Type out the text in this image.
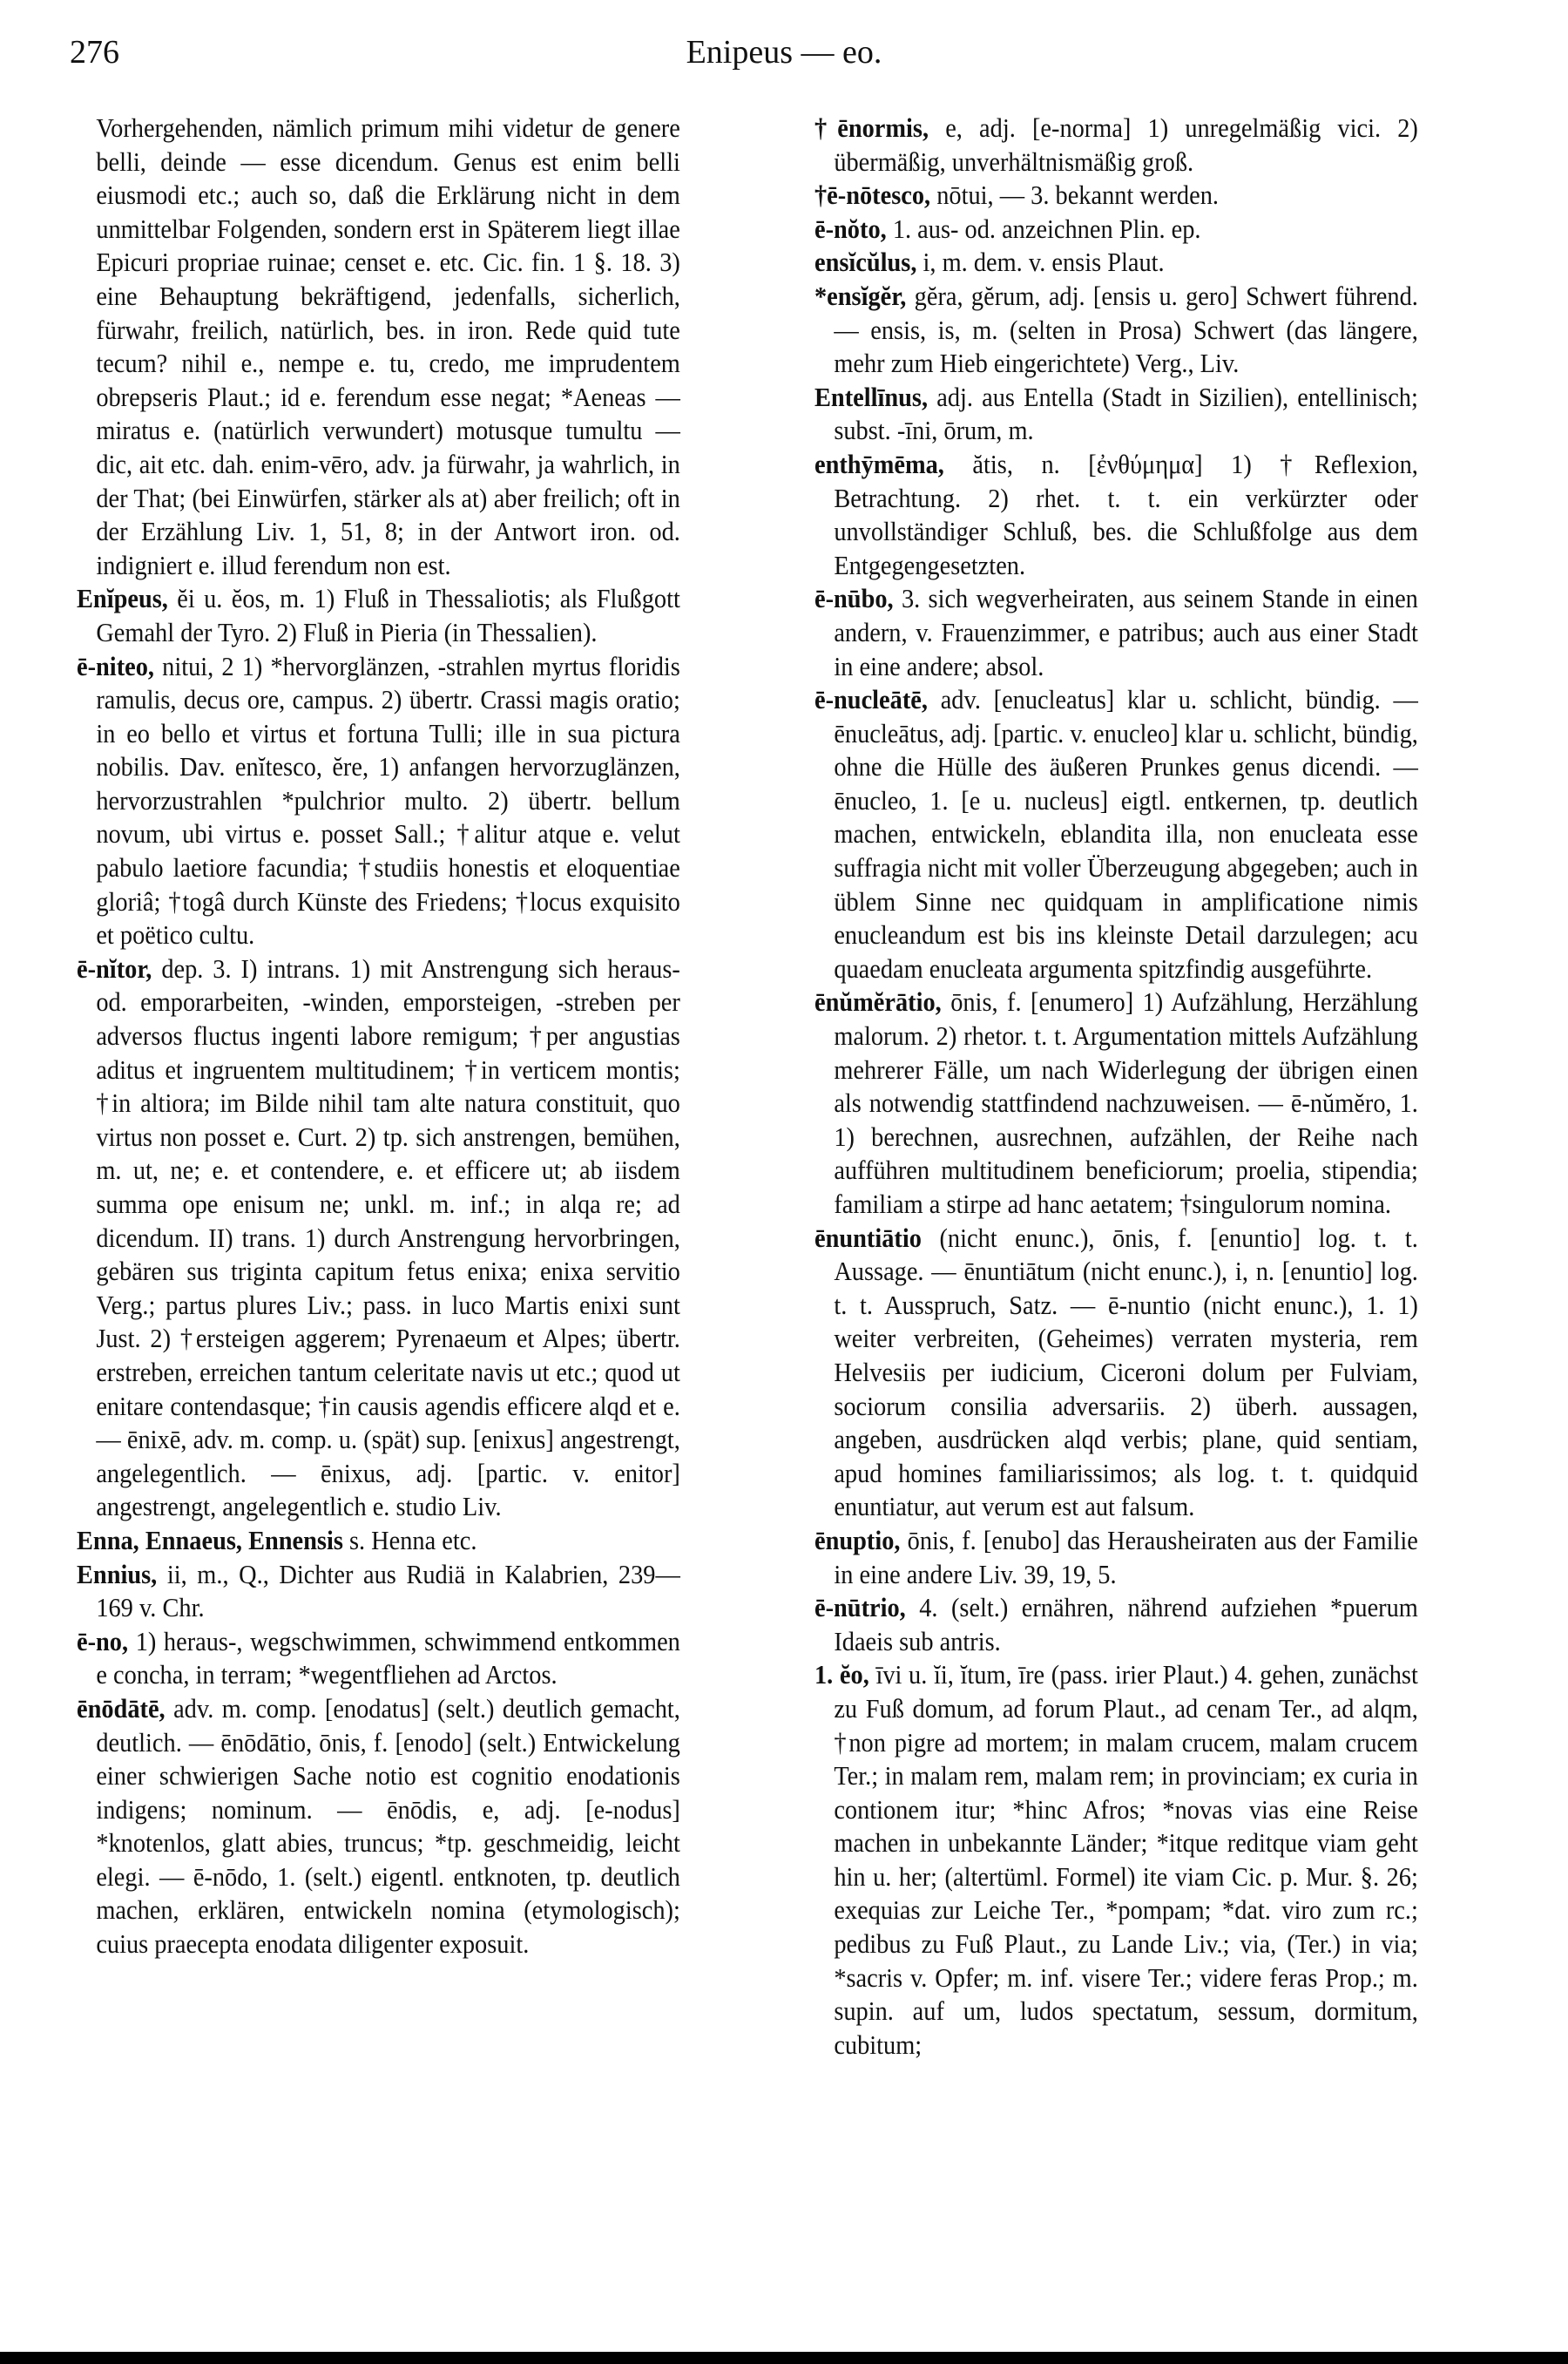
276	Enipeus — eo.

Vorhergehenden, nämlich primum mihi videtur de genere belli, deinde — esse dicendum. Genus est enim belli eiusmodi etc.; auch so, daß die Erklärung nicht in dem unmittelbar Folgenden, sondern erst in Späterem liegt illae Epicuri propriae ruinae; censet e. etc. Cic. fin. 1 §. 18. 3) eine Behauptung bekräftigend, jedenfalls, sicherlich, fürwahr, freilich, natürlich, bes. in iron. Rede quid tute tecum? nihil e., nempe e. tu, credo, me imprudentem obrepseris Plaut.; id e. ferendum esse negat; *Aeneas — miratus e. (natürlich verwundert) motusque tumultu — dic, ait etc. dah. enim-vēro, adv. ja fürwahr, ja wahrlich, in der That; (bei Einwürfen, stärker als at) aber freilich; oft in der Erzählung Liv. 1, 51, 8; in der Antwort iron. od. indigniert e. illud ferendum non est.

Enĭpeus, ĕi u. ĕos, m. 1) Fluß in Thessaliotis; als Flußgott Gemahl der Tyro. 2) Fluß in Pieria (in Thessalien).

ē-niteo, nitui, 2 1) *hervorglänzen, -strahlen myrtus floridis ramulis, decus ore, campus. 2) übertr. Crassi magis oratio; in eo bello et virtus et fortuna Tulli; ille in sua pictura nobilis. Dav. enĭtesco, ĕre, 1) anfangen hervorzuglänzen, hervorzustrahlen *pulchrior multo. 2) übertr. bellum novum, ubi virtus e. posset Sall.; †alitur atque e. velut pabulo laetiore facundia; †studiis honestis et eloquentiae gloriâ; †togâ durch Künste des Friedens; †locus exquisito et poëtico cultu.

ē-nĭtor, dep. 3. I) intrans. 1) mit Anstrengung sich heraus- od. emporarbeiten, -winden, emporsteigen, -streben per adversos fluctus ingenti labore remigum; †per angustias aditus et ingruentem multitudinem; †in verticem montis; †in altiora; im Bilde nihil tam alte natura constituit, quo virtus non posset e. Curt. 2) tp. sich anstrengen, bemühen, m. ut, ne; e. et contendere, e. et efficere ut; ab iisdem summa ope enisum ne; unkl. m. inf.; in alqa re; ad dicendum. II) trans. 1) durch Anstrengung hervorbringen, gebären sus triginta capitum fetus enixa; enixa servitio Verg.; partus plures Liv.; pass. in luco Martis enixi sunt Just. 2) †ersteigen aggerem; Pyrenaeum et Alpes; übertr. erstreben, erreichen tantum celeritate navis ut etc.; quod ut enitare contendasque; †in causis agendis efficere alqd et e. — ēnixē, adv. m. comp. u. (spät) sup. [enixus] angestrengt, angelegentlich. — ēnixus, adj. [partic. v. enitor] angestrengt, angelegentlich e. studio Liv.

Enna, Ennaeus, Ennensis s. Henna etc.

Ennius, ii, m., Q., Dichter aus Rudiä in Kalabrien, 239—169 v. Chr.

ē-no, 1) heraus-, wegschwimmen, schwimmend entkommen e concha, in terram; *wegentfliehen ad Arctos.

ēnōdātē, adv. m. comp. [enodatus] (selt.) deutlich gemacht, deutlich. — ēnōdātio, ōnis, f. [enodo] (selt.) Entwickelung einer schwierigen Sache notio est cognitio enodationis indigens; nominum. — ēnōdis, e, adj. [e-nodus] *knotenlos, glatt abies, truncus; *tp. geschmeidig, leicht elegi. — ē-nōdo, 1. (selt.) eigentl. entknoten, tp. deutlich machen, erklären, entwickeln nomina (etymologisch); cuius praecepta enodata diligenter exposuit.

†ēnormis, e, adj. [e-norma] 1) unregelmäßig vici. 2) übermäßig, unverhältnismäßig groß.

†ē-nōtesco, nōtui, — 3. bekannt werden.

ē-nŏto, 1. aus- od. anzeichnen Plin. ep.

ensĭcŭlus, i, m. dem. v. ensis Plaut.

*ensĭgĕr, gĕra, gĕrum, adj. [ensis u. gero] Schwert führend. — ensis, is, m. (selten in Prosa) Schwert (das längere, mehr zum Hieb eingerichtete) Verg., Liv.

Entellīnus, adj. aus Entella (Stadt in Sizilien), entellinisch; subst. -īni, ōrum, m.

enthȳmēma, ătis, n. [ἐνθύμημα] 1) †Reflexion, Betrachtung. 2) rhet. t. t. ein verkürzter oder unvollständiger Schluß, bes. die Schlußfolge aus dem Entgegengesetzten.

ē-nūbo, 3. sich wegverheiraten, aus seinem Stande in einen andern, v. Frauenzimmer, e patribus; auch aus einer Stadt in eine andere; absol.

ē-nucleātē, adv. [enucleatus] klar u. schlicht, bündig. — ēnucleātus, adj. [partic. v. enucleo] klar u. schlicht, bündig, ohne die Hülle des äußeren Prunkes genus dicendi. — ēnucleo, 1. [e u. nucleus] eigtl. entkernen, tp. deutlich machen, entwickeln, eblandita illa, non enucleata esse suffragia nicht mit voller Überzeugung abgegeben; auch in üblem Sinne nec quidquam in amplificatione nimis enucleandum est bis ins kleinste Detail darzulegen; acu quaedam enucleata argumenta spitzfindig ausgeführte.

ēnŭmĕrātio, ōnis, f. [enumero] 1) Aufzählung, Herzählung malorum. 2) rhetor. t. t. Argumentation mittels Aufzählung mehrerer Fälle, um nach Widerlegung der übrigen einen als notwendig stattfindend nachzuweisen. — ē-nŭmĕro, 1. 1) berechnen, ausrechnen, aufzählen, der Reihe nach aufführen multitudinem beneficiorum; proelia, stipendia; familiam a stirpe ad hanc aetatem; †singulorum nomina.

ēnuntiātio (nicht enunc.), ōnis, f. [enuntio] log. t. t. Aussage. — ēnuntiātum (nicht enunc.), i, n. [enuntio] log. t. t. Ausspruch, Satz. — ē-nuntio (nicht enunc.), 1. 1) weiter verbreiten, (Geheimes) verraten mysteria, rem Helvesiis per iudicium, Ciceroni dolum per Fulviam, sociorum consilia adversariis. 2) überh. aussagen, angeben, ausdrücken alqd verbis; plane, quid sentiam, apud homines familiarissimos; als log. t. t. quidquid enuntiatur, aut verum est aut falsum.

ēnuptio, ōnis, f. [enubo] das Herausheiraten aus der Familie in eine andere Liv. 39, 19, 5.

ē-nūtrio, 4. (selt.) ernähren, nährend aufziehen *puerum Idaeis sub antris.

1. ĕo, īvi u. ĭi, ĭtum, īre (pass. irier Plaut.) 4. gehen, zunächst zu Fuß domum, ad forum Plaut., ad cenam Ter., ad alqm, †non pigre ad mortem; in malam crucem, malam crucem Ter.; in malam rem, malam rem; in provinciam; ex curia in contionem itur; *hinc Afros; *novas vias eine Reise machen in unbekannte Länder; *itque reditque viam geht hin u. her; (altertüml. Formel) ite viam Cic. p. Mur. §. 26; exequias zur Leiche Ter., *pompam; *dat. viro zum rc.; pedibus zu Fuß Plaut., zu Lande Liv.; via, (Ter.) in via; *sacris v. Opfer; m. inf. visere Ter.; videre feras Prop.; m. supin. auf um, ludos spectatum, sessum, dormitum, cubitum;
